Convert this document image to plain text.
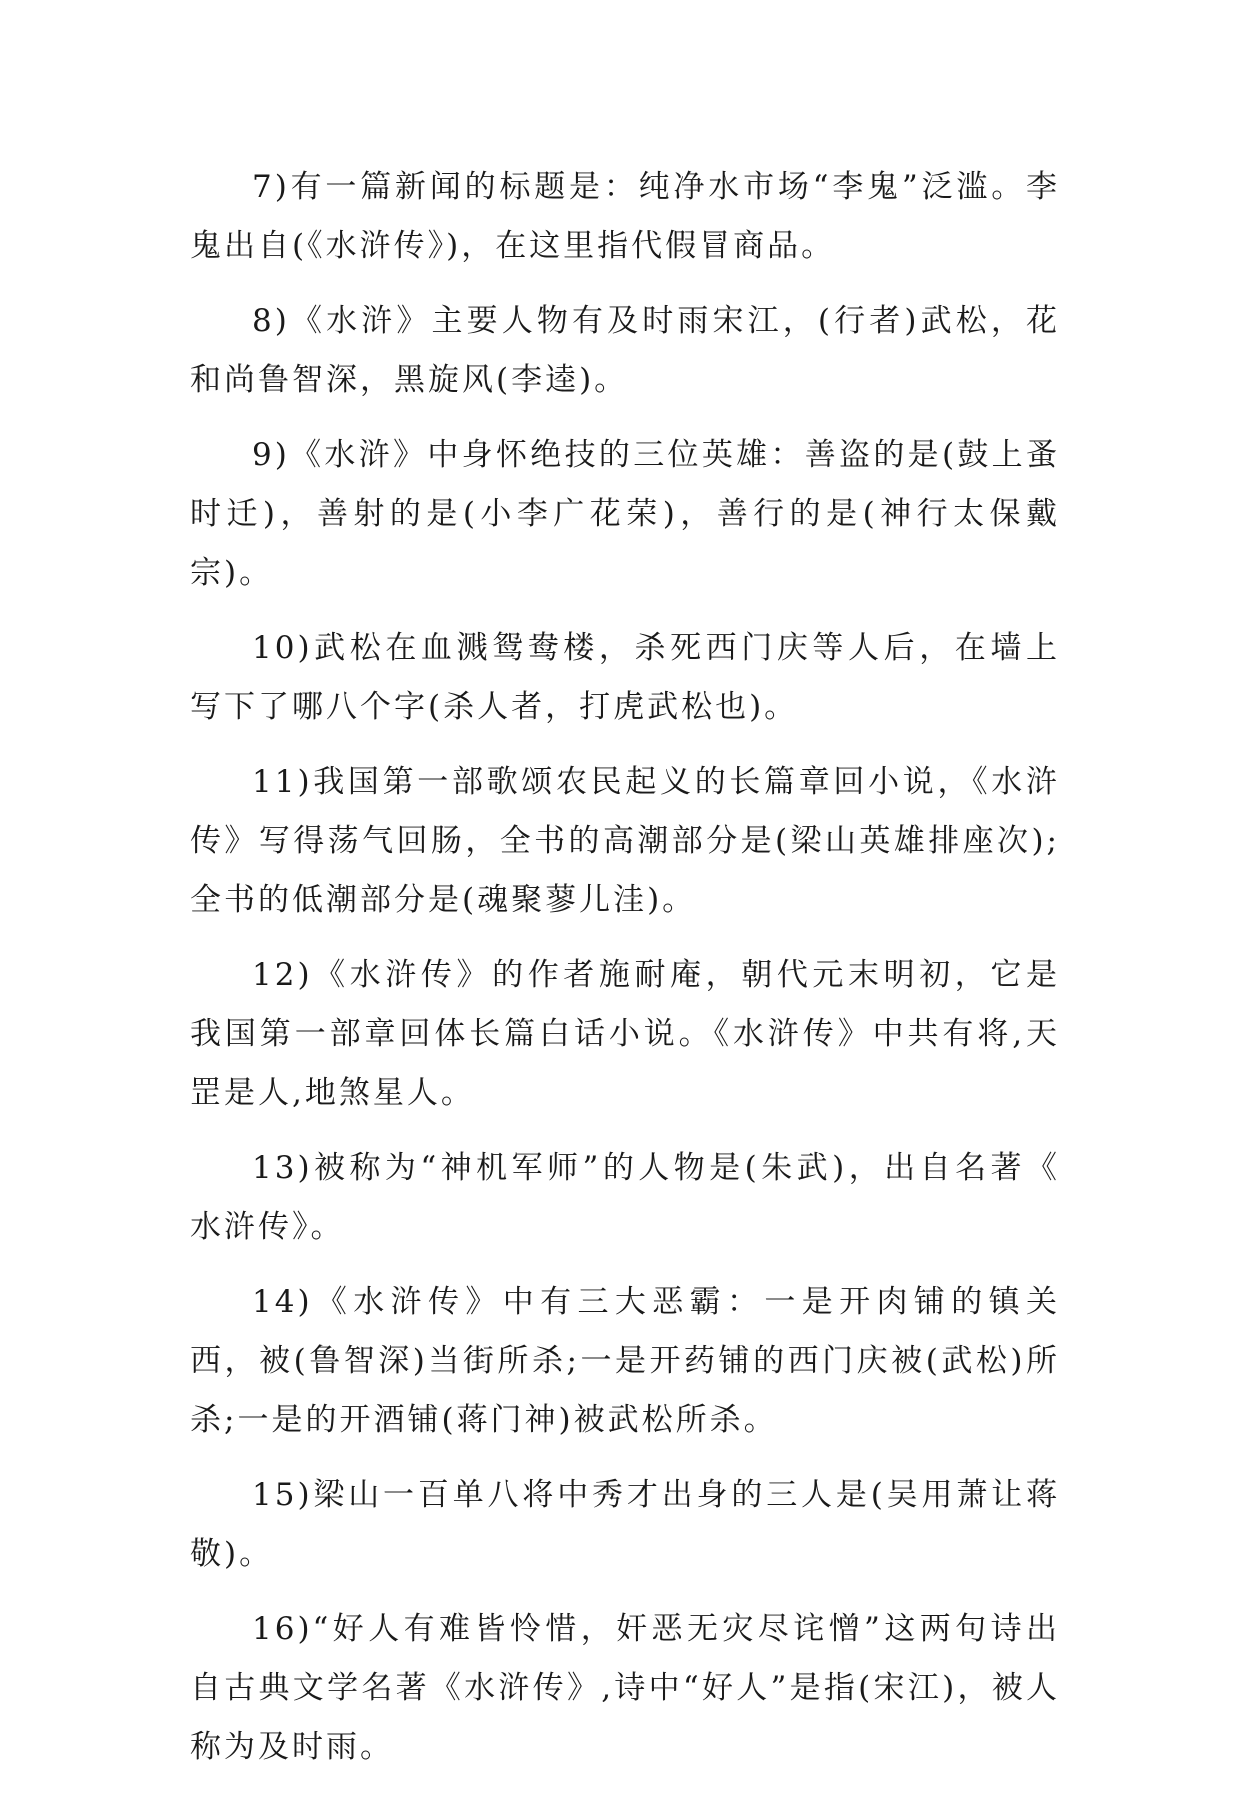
7)有一篇新闻的标题是：纯净水市场“李鬼”泛滥。李鬼出自(《水浒传》)，在这里指代假冒商品。

8)《水浒》主要人物有及时雨宋江，(行者)武松，花和尚鲁智深，黑旋风(李逵)。

9)《水浒》中身怀绝技的三位英雄：善盗的是(鼓上蚤时迁)，善射的是(小李广花荣)，善行的是(神行太保戴宗)。

10)武松在血溅鸳鸯楼，杀死西门庆等人后，在墙上写下了哪八个字(杀人者，打虎武松也)。

11)我国第一部歌颂农民起义的长篇章回小说，《水浒传》写得荡气回肠，全书的高潮部分是(梁山英雄排座次);全书的低潮部分是(魂聚蓼儿洼)。

12)《水浒传》的作者施耐庵，朝代元末明初，它是我国第一部章回体长篇白话小说。《水浒传》中共有将,天罡是人,地煞星人。

13)被称为“神机军师”的人物是(朱武)，出自名著《 水浒传》。

14)《水浒传》中有三大恶霸：一是开肉铺的镇关西，被(鲁智深)当街所杀;一是开药铺的西门庆被(武松)所杀;一是的开酒铺(蒋门神)被武松所杀。

15)梁山一百单八将中秀才出身的三人是(吴用萧让蒋敬)。

16)“好人有难皆怜惜，奸恶无灾尽诧憎”这两句诗出自古典文学名著《水浒传》,诗中“好人”是指(宋江)，被人称为及时雨。
